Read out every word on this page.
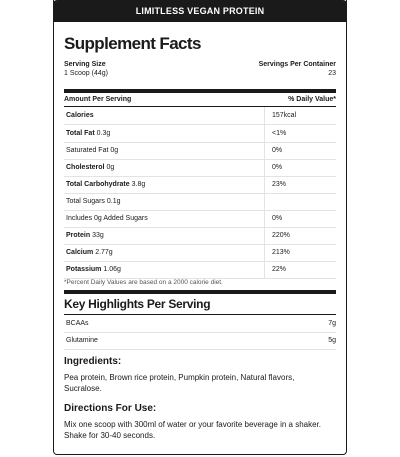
LIMITLESS VEGAN PROTEIN
Supplement Facts
Serving Size
1 Scoop (44g)
Servings Per Container
23
Amount Per Serving	% Daily Value*
Calories	157kcal
Total Fat 0.3g	<1%
Saturated Fat 0g	0%
Cholesterol 0g	0%
Total Carbohydrate 3.8g	23%
Total Sugars 0.1g
Includes 0g Added Sugars	0%
Protein 33g	220%
Calcium 2.77g	213%
Potassium 1.06g	22%
*Percent Daily Values are based on a 2000 calorie diet.
Key Highlights Per Serving
BCAAs	7g
Glutamine	5g
Ingredients:
Pea protein, Brown rice protein, Pumpkin protein, Natural flavors, Sucralose.
Directions For Use:
Mix one scoop with 300ml of water or your favorite beverage in a shaker. Shake for 30-40 seconds.
